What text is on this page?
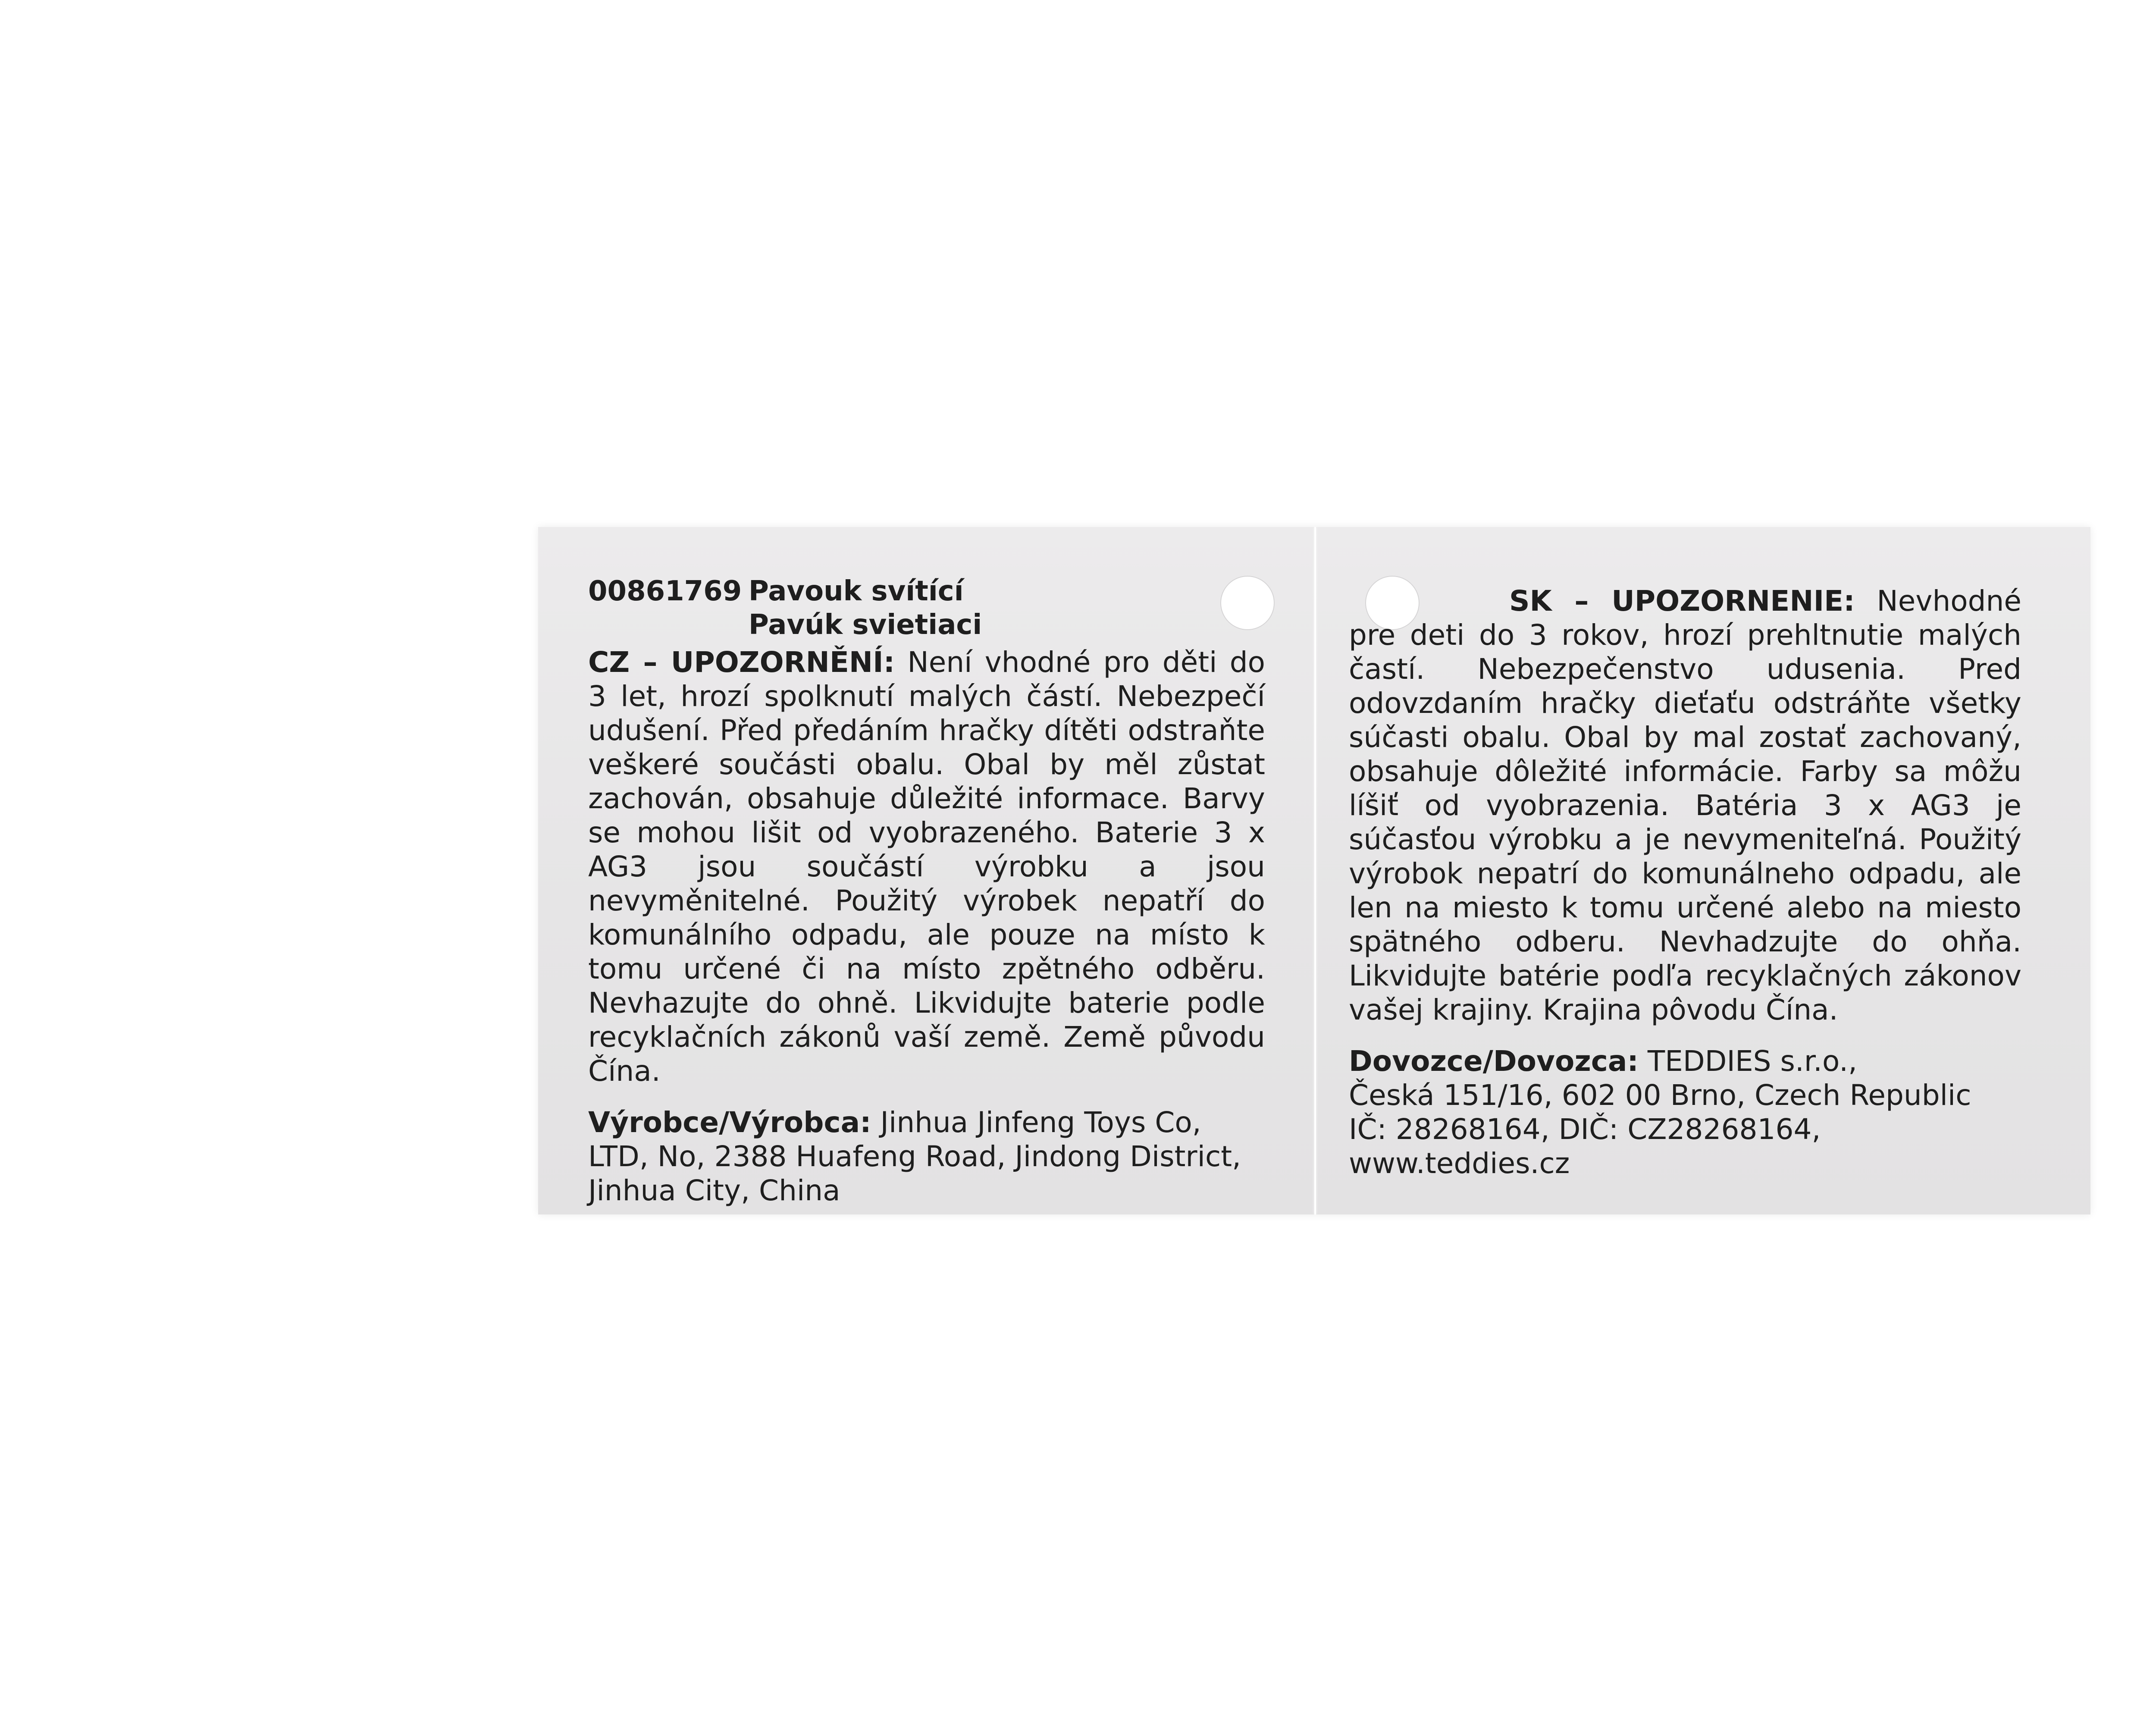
00861769 Pavouk svítící
Pavúk svietiaci

CZ – UPOZORNĚNÍ: Není vhodné pro děti do 3 let, hrozí spolknutí malých částí. Nebezpečí udušení. Před předáním hračky dítěti odstraňte veškeré součásti obalu. Obal by měl zůstat zachován, obsahuje důležité informace. Barvy se mohou lišit od vyobrazeného. Baterie 3 x AG3 jsou součástí výrobku a jsou nevyměnitelné. Použitý výrobek nepatří do komunálního odpadu, ale pouze na místo k tomu určené či na místo zpětného odběru. Nevhazujte do ohně. Likvidujte baterie podle recyklačních zákonů vaší země. Země původu Čína.

Výrobce/Výrobca: Jinhua Jinfeng Toys Co, LTD, No, 2388 Huafeng Road, Jindong District, Jinhua City, China

SK – UPOZORNENIE: Nevhodné pre deti do 3 rokov, hrozí prehltnutie malých častí. Nebezpečenstvo udusenia. Pred odovzdaním hračky dieťaťu odstráňte všetky súčasti obalu. Obal by mal zostať zachovaný, obsahuje dôležité informácie. Farby sa môžu líšiť od vyobrazenia. Batéria 3 x AG3 je súčasťou výrobku a je nevymeniteľná. Použitý výrobok nepatrí do komunálneho odpadu, ale len na miesto k tomu určené alebo na miesto spätného odberu. Nevhadzujte do ohňa. Likvidujte batérie podľa recyklačných zákonov vašej krajiny. Krajina pôvodu Čína.

Dovozce/Dovozca: TEDDIES s.r.o.,
Česká 151/16, 602 00 Brno, Czech Republic
IČ: 28268164, DIČ: CZ28268164, www.teddies.cz
